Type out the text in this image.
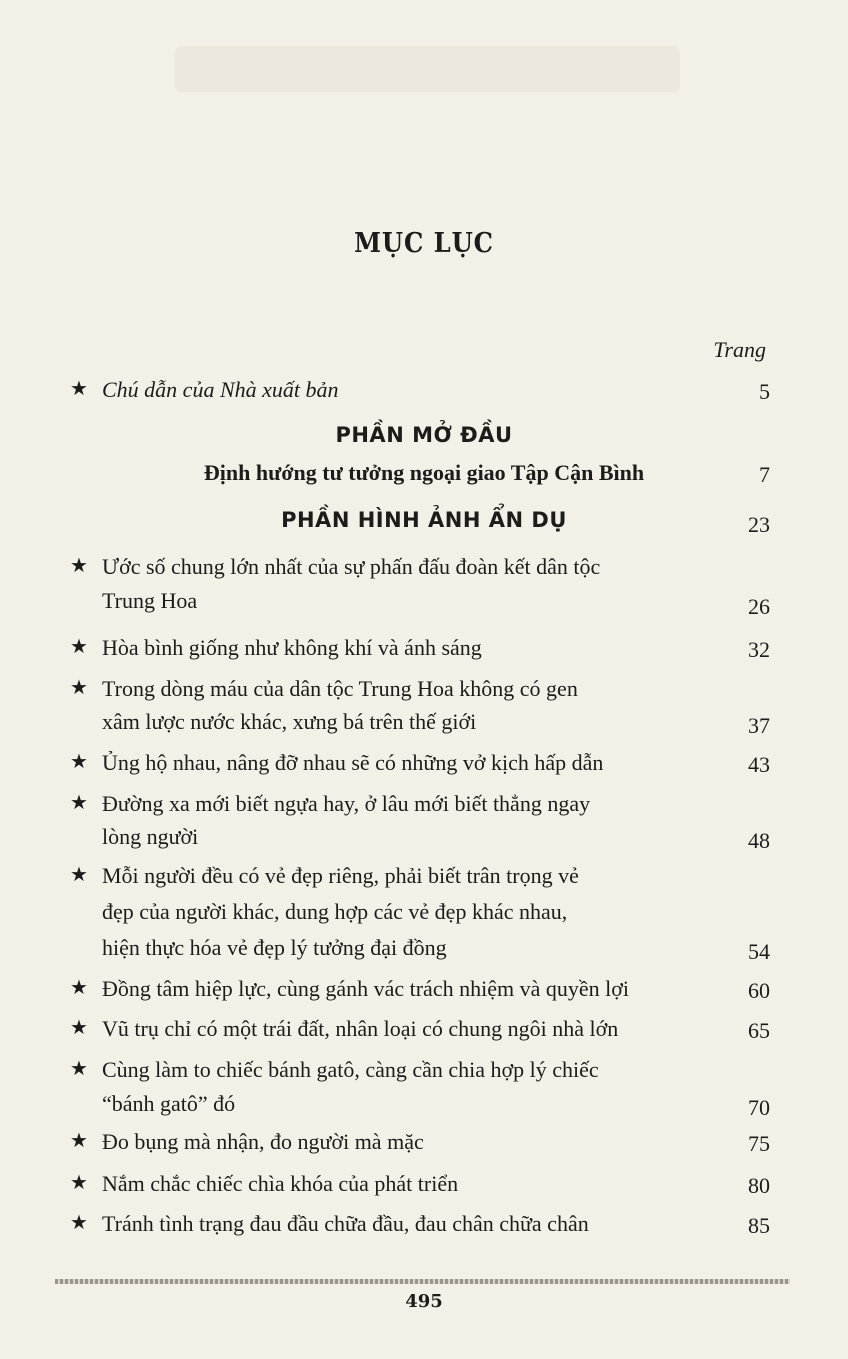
MỤC LỤC
Trang
★ Chú dẫn của Nhà xuất bản	5
PHẦN MỞ ĐẦU
Định hướng tư tưởng ngoại giao Tập Cận Bình	7
PHẦN HÌNH ẢNH ẨN DỤ	23
★ Ước số chung lớn nhất của sự phấn đấu đoàn kết dân tộc
Trung Hoa	26
★ Hòa bình giống như không khí và ánh sáng	32
★ Trong dòng máu của dân tộc Trung Hoa không có gen
xâm lược nước khác, xưng bá trên thế giới	37
★ Ủng hộ nhau, nâng đỡ nhau sẽ có những vở kịch hấp dẫn	43
★ Đường xa mới biết ngựa hay, ở lâu mới biết thẳng ngay
lòng người	48
★ Mỗi người đều có vẻ đẹp riêng, phải biết trân trọng vẻ
đẹp của người khác, dung hợp các vẻ đẹp khác nhau,
hiện thực hóa vẻ đẹp lý tưởng đại đồng	54
★ Đồng tâm hiệp lực, cùng gánh vác trách nhiệm và quyền lợi	60
★ Vũ trụ chỉ có một trái đất, nhân loại có chung ngôi nhà lớn	65
★ Cùng làm to chiếc bánh gatô, càng cần chia hợp lý chiếc
“bánh gatô” đó	70
★ Đo bụng mà nhận, đo người mà mặc	75
★ Nắm chắc chiếc chìa khóa của phát triển	80
★ Tránh tình trạng đau đầu chữa đầu, đau chân chữa chân	85
495
